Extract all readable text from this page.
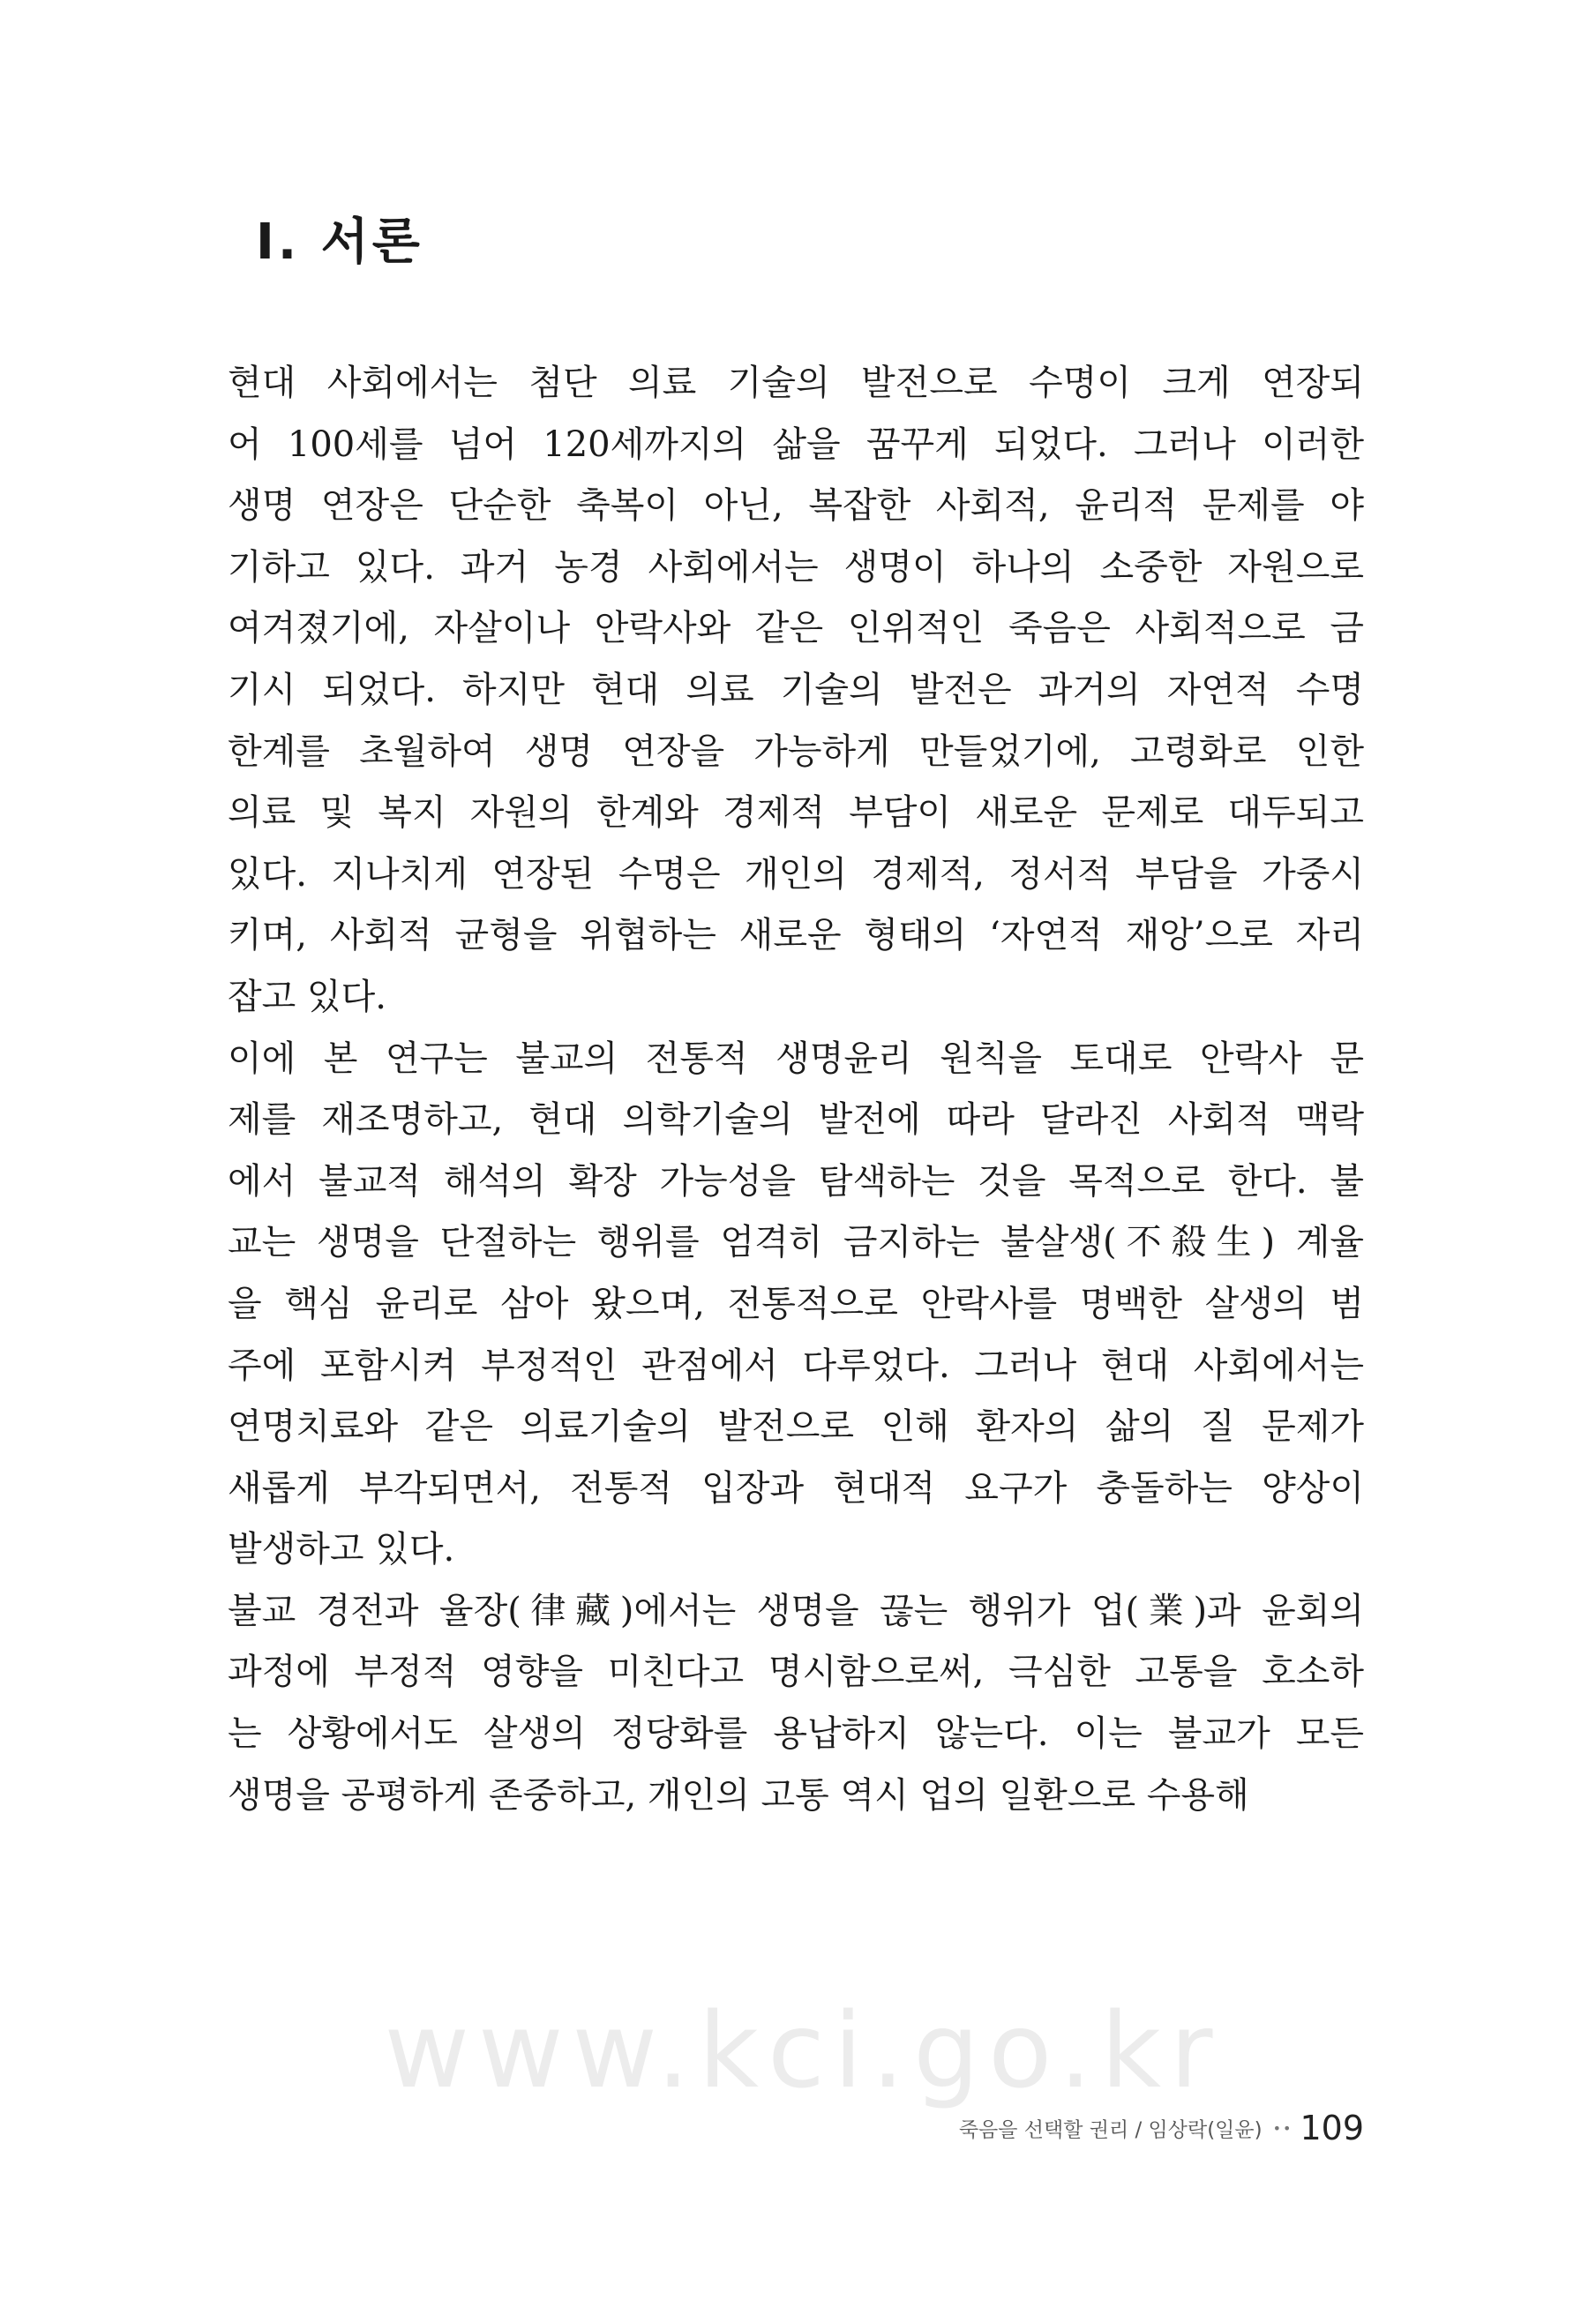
Ⅰ. 서론
현대 사회에서는 첨단 의료 기술의 발전으로 수명이 크게 연장되
어 100세를 넘어 120세까지의 삶을 꿈꾸게 되었다. 그러나 이러한
생명 연장은 단순한 축복이 아닌, 복잡한 사회적, 윤리적 문제를 야
기하고 있다. 과거 농경 사회에서는 생명이 하나의 소중한 자원으로
여겨졌기에, 자살이나 안락사와 같은 인위적인 죽음은 사회적으로 금
기시 되었다. 하지만 현대 의료 기술의 발전은 과거의 자연적 수명
한계를 초월하여 생명 연장을 가능하게 만들었기에, 고령화로 인한
의료 및 복지 자원의 한계와 경제적 부담이 새로운 문제로 대두되고
있다. 지나치게 연장된 수명은 개인의 경제적, 정서적 부담을 가중시
키며, 사회적 균형을 위협하는 새로운 형태의 ‘자연적 재앙’으로 자리
잡고 있다.
이에 본 연구는 불교의 전통적 생명윤리 원칙을 토대로 안락사 문
제를 재조명하고, 현대 의학기술의 발전에 따라 달라진 사회적 맥락
에서 불교적 해석의 확장 가능성을 탐색하는 것을 목적으로 한다. 불
교는 생명을 단절하는 행위를 엄격히 금지하는 불살생(不殺生) 계율
을 핵심 윤리로 삼아 왔으며, 전통적으로 안락사를 명백한 살생의 범
주에 포함시켜 부정적인 관점에서 다루었다. 그러나 현대 사회에서는
연명치료와 같은 의료기술의 발전으로 인해 환자의 삶의 질 문제가
새롭게 부각되면서, 전통적 입장과 현대적 요구가 충돌하는 양상이
발생하고 있다.
불교 경전과 율장(律藏)에서는 생명을 끊는 행위가 업(業)과 윤회의
과정에 부정적 영향을 미친다고 명시함으로써, 극심한 고통을 호소하
는 상황에서도 살생의 정당화를 용납하지 않는다. 이는 불교가 모든
생명을 공평하게 존중하고, 개인의 고통 역시 업의 일환으로 수용해
www.kci.go.kr
죽음을 선택할 권리 / 임상락(일윤) •• 109
